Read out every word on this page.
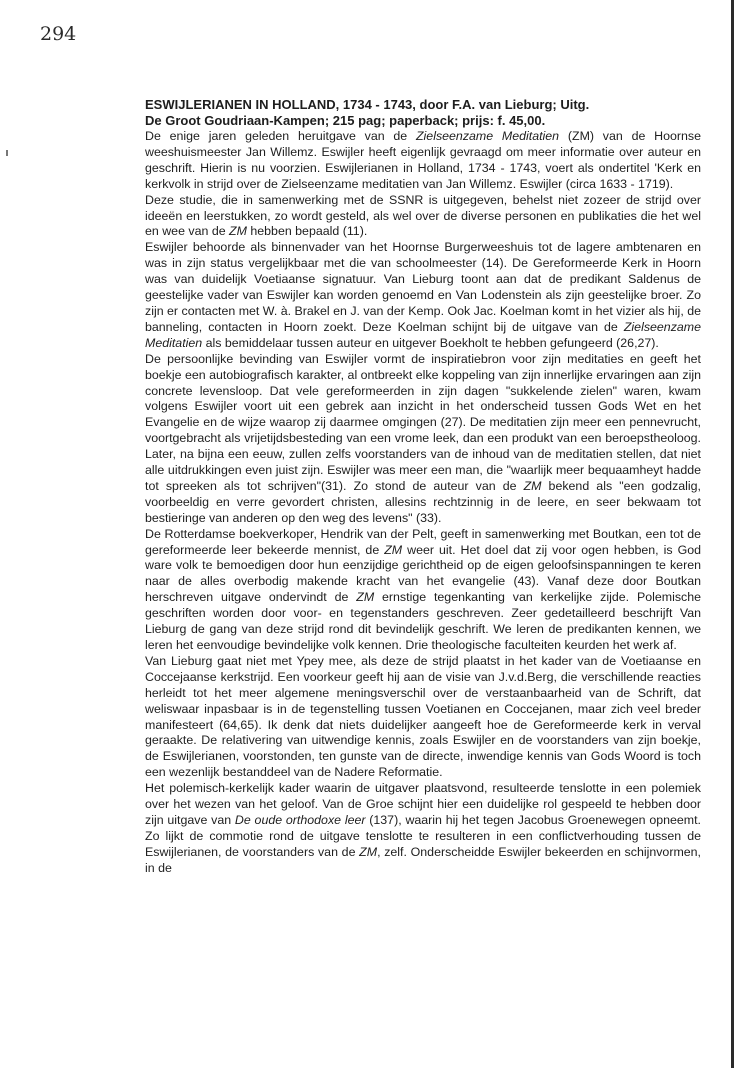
294

ESWIJLERIANEN IN HOLLAND, 1734 - 1743, door F.A. van Lieburg; Uitg.
De Groot Goudriaan-Kampen; 215 pag; paperback; prijs: f. 45,00.

De enige jaren geleden heruitgave van de Zielseenzame Meditatien (ZM) van de Hoornse weeshuismeester Jan Willemz. Eswijler heeft eigenlijk gevraagd om meer informatie over auteur en geschrift. Hierin is nu voorzien. Eswijlerianen in Holland, 1734 - 1743, voert als ondertitel 'Kerk en kerkvolk in strijd over de Zielseenzame meditatien van Jan Willemz. Eswijler (circa 1633 - 1719).

Deze studie, die in samenwerking met de SSNR is uitgegeven, behelst niet zozeer de strijd over ideeën en leerstukken, zo wordt gesteld, als wel over de diverse personen en publikaties die het wel en wee van de ZM hebben bepaald (11).

Eswijler behoorde als binnenvader van het Hoornse Burgerweeshuis tot de lagere ambtenaren en was in zijn status vergelijkbaar met die van schoolmeester (14). De Gereformeerde Kerk in Hoorn was van duidelijk Voetiaanse signatuur. Van Lieburg toont aan dat de predikant Saldenus de geestelijke vader van Eswijler kan worden genoemd en Van Lodenstein als zijn geestelijke broer. Zo zijn er contacten met W. à. Brakel en J. van der Kemp. Ook Jac. Koelman komt in het vizier als hij, de banneling, contacten in Hoorn zoekt. Deze Koelman schijnt bij de uitgave van de Zielseenzame Meditatien als bemiddelaar tussen auteur en uitgever Boekholt te hebben gefungeerd (26,27).

De persoonlijke bevinding van Eswijler vormt de inspiratiebron voor zijn meditaties en geeft het boekje een autobiografisch karakter, al ontbreekt elke koppeling van zijn innerlijke ervaringen aan zijn concrete levensloop. Dat vele gereformeerden in zijn dagen "sukkelende zielen" waren, kwam volgens Eswijler voort uit een gebrek aan inzicht in het onderscheid tussen Gods Wet en het Evangelie en de wijze waarop zij daarmee omgingen (27). De meditatien zijn meer een pennevrucht, voortgebracht als vrijetijdsbesteding van een vrome leek, dan een produkt van een beroepstheoloog. Later, na bijna een eeuw, zullen zelfs voorstanders van de inhoud van de meditatien stellen, dat niet alle uitdrukkingen even juist zijn. Eswijler was meer een man, die "waarlijk meer bequaamheyt hadde tot spreeken als tot schrijven"(31). Zo stond de auteur van de ZM bekend als "een godzalig, voorbeeldig en verre gevordert christen, allesins rechtzinnig in de leere, en seer bekwaam tot bestieringe van anderen op den weg des levens" (33).

De Rotterdamse boekverkoper, Hendrik van der Pelt, geeft in samenwerking met Boutkan, een tot de gereformeerde leer bekeerde mennist, de ZM weer uit. Het doel dat zij voor ogen hebben, is God ware volk te bemoedigen door hun eenzijdige gerichtheid op de eigen geloofsinspanningen te keren naar de alles overbodig makende kracht van het evangelie (43). Vanaf deze door Boutkan herschreven uitgave ondervindt de ZM ernstige tegenkanting van kerkelijke zijde. Polemische geschriften worden door voor- en tegenstanders geschreven. Zeer gedetailleerd beschrijft Van Lieburg de gang van deze strijd rond dit bevindelijk geschrift. We leren de predikanten kennen, we leren het eenvoudige bevindelijke volk kennen. Drie theologische faculteiten keurden het werk af.

Van Lieburg gaat niet met Ypey mee, als deze de strijd plaatst in het kader van de Voetiaanse en Coccejaanse kerkstrijd. Een voorkeur geeft hij aan de visie van J.v.d.Berg, die verschillende reacties herleidt tot het meer algemene meningsverschil over de verstaanbaarheid van de Schrift, dat weliswaar inpasbaar is in de tegenstelling tussen Voetianen en Coccejanen, maar zich veel breder manifesteert (64,65). Ik denk dat niets duidelijker aangeeft hoe de Gereformeerde kerk in verval geraakte. De relativering van uitwendige kennis, zoals Eswijler en de voorstanders van zijn boekje, de Eswijlerianen, voorstonden, ten gunste van de directe, inwendige kennis van Gods Woord is toch een wezenlijk bestanddeel van de Nadere Reformatie.

Het polemisch-kerkelijk kader waarin de uitgaver plaatsvond, resulteerde tenslotte in een polemiek over het wezen van het geloof. Van de Groe schijnt hier een duidelijke rol gespeeld te hebben door zijn uitgave van De oude orthodoxe leer (137), waarin hij het tegen Jacobus Groenewegen opneemt. Zo lijkt de commotie rond de uitgave tenslotte te resulteren in een conflictverhouding tussen de Eswijlerianen, de voorstanders van de ZM, zelf. Onderscheidde Eswijler bekeerden en schijnvormen, in de
